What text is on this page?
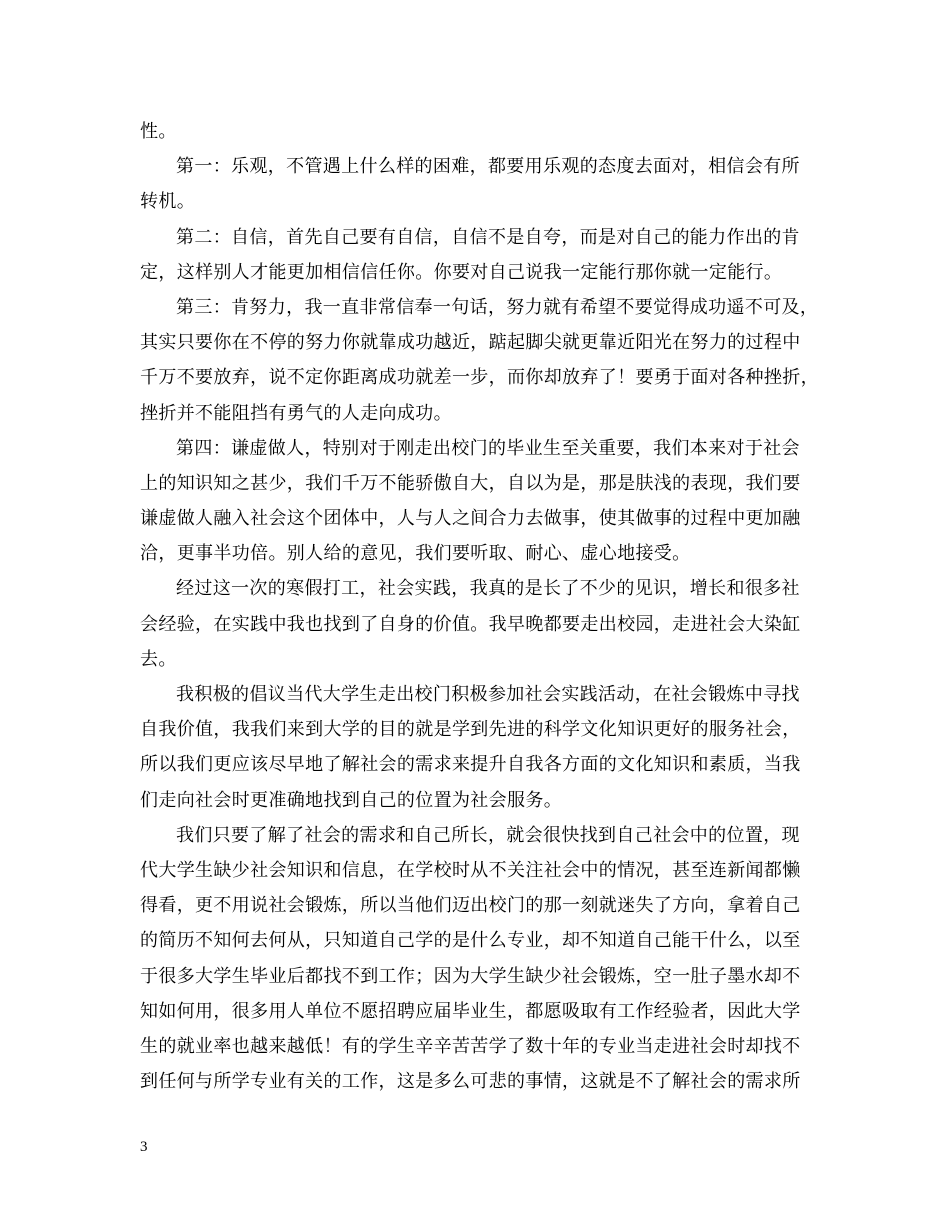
性。
第一：乐观，不管遇上什么样的困难，都要用乐观的态度去面对，相信会有所
转机。
第二：自信，首先自己要有自信，自信不是自夸，而是对自己的能力作出的肯
定，这样别人才能更加相信信任你。你要对自己说我一定能行那你就一定能行。
第三：肯努力，我一直非常信奉一句话，努力就有希望不要觉得成功遥不可及，
其实只要你在不停的努力你就靠成功越近，踮起脚尖就更靠近阳光在努力的过程中
千万不要放弃，说不定你距离成功就差一步，而你却放弃了！要勇于面对各种挫折，
挫折并不能阻挡有勇气的人走向成功。
第四：谦虚做人，特别对于刚走出校门的毕业生至关重要，我们本来对于社会
上的知识知之甚少，我们千万不能骄傲自大，自以为是，那是肤浅的表现，我们要
谦虚做人融入社会这个团体中，人与人之间合力去做事，使其做事的过程中更加融
洽，更事半功倍。别人给的意见，我们要听取、耐心、虚心地接受。
经过这一次的寒假打工，社会实践，我真的是长了不少的见识，增长和很多社
会经验，在实践中我也找到了自身的价值。我早晚都要走出校园，走进社会大染缸
去。
我积极的倡议当代大学生走出校门积极参加社会实践活动，在社会锻炼中寻找
自我价值，我我们来到大学的目的就是学到先进的科学文化知识更好的服务社会，
所以我们更应该尽早地了解社会的需求来提升自我各方面的文化知识和素质，当我
们走向社会时更准确地找到自己的位置为社会服务。
我们只要了解了社会的需求和自己所长，就会很快找到自己社会中的位置，现
代大学生缺少社会知识和信息，在学校时从不关注社会中的情况，甚至连新闻都懒
得看，更不用说社会锻炼，所以当他们迈出校门的那一刻就迷失了方向，拿着自己
的简历不知何去何从，只知道自己学的是什么专业，却不知道自己能干什么，以至
于很多大学生毕业后都找不到工作；因为大学生缺少社会锻炼，空一肚子墨水却不
知如何用，很多用人单位不愿招聘应届毕业生，都愿吸取有工作经验者，因此大学
生的就业率也越来越低！有的学生辛辛苦苦学了数十年的专业当走进社会时却找不
到任何与所学专业有关的工作，这是多么可悲的事情，这就是不了解社会的需求所
3
